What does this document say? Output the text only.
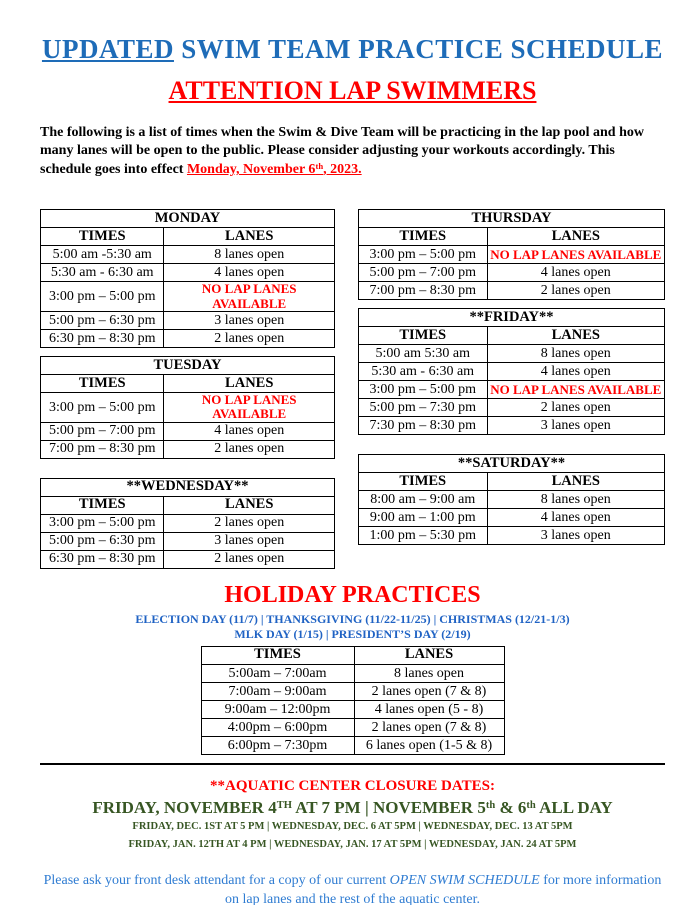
UPDATED SWIM TEAM PRACTICE SCHEDULE
ATTENTION LAP SWIMMERS

The following is a list of times when the Swim & Dive Team will be practicing in the lap pool and how
many lanes will be open to the public. Please consider adjusting your workouts accordingly. This
schedule goes into effect Monday, November 6th, 2023.

MONDAY	
TIMES	LANES
5:00 am -5:30 am	8 lanes open
5:30 am - 6:30 am	4 lanes open
3:00 pm – 5:00 pm	NO LAP LANES AVAILABLE
5:00 pm – 6:30 pm	3 lanes open
6:30 pm – 8:30 pm	2 lanes open
TUESDAY	
TIMES	LANES
3:00 pm – 5:00 pm	NO LAP LANES AVAILABLE
5:00 pm – 7:00 pm	4 lanes open
7:00 pm – 8:30 pm	2 lanes open
**WEDNESDAY**	
TIMES	LANES
3:00 pm – 5:00 pm	2 lanes open
5:00 pm – 6:30 pm	3 lanes open
6:30 pm – 8:30 pm	2 lanes open
THURSDAY	
TIMES	LANES
3:00 pm – 5:00 pm	NO LAP LANES AVAILABLE
5:00 pm – 7:00 pm	4 lanes open
7:00 pm – 8:30 pm	2 lanes open
**FRIDAY**	
TIMES	LANES
5:00 am 5:30 am	8 lanes open
5:30 am - 6:30 am	4 lanes open
3:00 pm – 5:00 pm	NO LAP LANES AVAILABLE
5:00 pm – 7:30 pm	2 lanes open
7:30 pm – 8:30 pm	3 lanes open
**SATURDAY**	
TIMES	LANES
8:00 am – 9:00 am	8 lanes open
9:00 am – 1:00 pm	4 lanes open
1:00 pm – 5:30 pm	3 lanes open
HOLIDAY PRACTICES
ELECTION DAY (11/7) | THANKSGIVING (11/22-11/25) | CHRISTMAS (12/21-1/3)
MLK DAY (1/15) | PRESIDENT’S DAY (2/19)
TIMES	LANES
5:00am – 7:00am	8 lanes open
7:00am – 9:00am	2 lanes open (7 & 8)
9:00am – 12:00pm	4 lanes open (5 - 8)
4:00pm – 6:00pm	2 lanes open (7 & 8)
6:00pm – 7:30pm	6 lanes open (1-5 & 8)
**AQUATIC CENTER CLOSURE DATES:
FRIDAY, NOVEMBER 4TH AT 7 PM | NOVEMBER 5th & 6th ALL DAY
FRIDAY, DEC. 1ST AT 5 PM | WEDNESDAY, DEC. 6 AT 5PM | WEDNESDAY, DEC. 13 AT 5PM
FRIDAY, JAN. 12TH AT 4 PM | WEDNESDAY, JAN. 17 AT 5PM | WEDNESDAY, JAN. 24 AT 5PM
Please ask your front desk attendant for a copy of our current OPEN SWIM SCHEDULE for more information
on lap lanes and the rest of the aquatic center.
